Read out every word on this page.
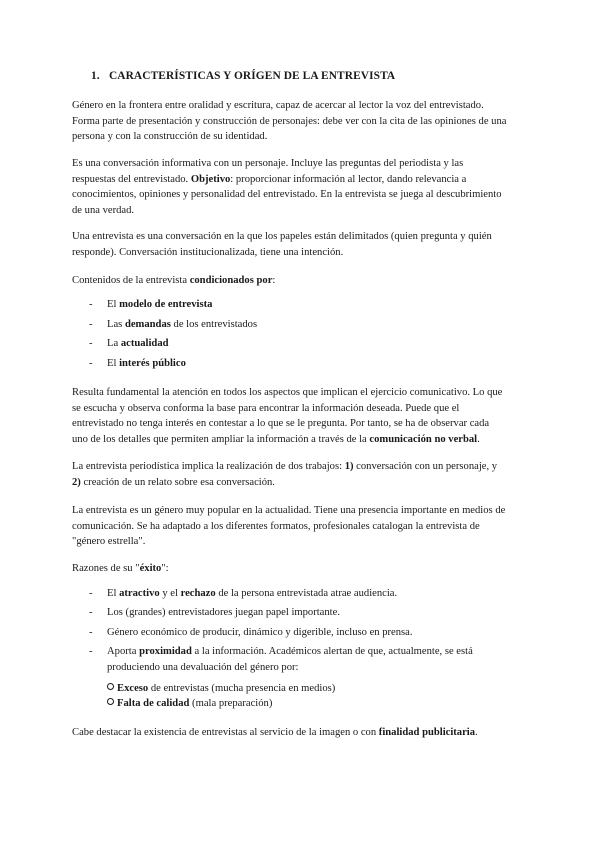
1. CARACTERÍSTICAS Y ORÍGEN DE LA ENTREVISTA

Género en la frontera entre oralidad y escritura, capaz de acercar al lector la voz del entrevistado.
Forma parte de presentación y construcción de personajes: debe ver con la cita de las opiniones de una
persona y con la construcción de su identidad.

Es una conversación informativa con un personaje. Incluye las preguntas del periodista y las
respuestas del entrevistado. Objetivo: proporcionar información al lector, dando relevancia a
conocimientos, opiniones y personalidad del entrevistado. En la entrevista se juega al descubrimiento
de una verdad.

Una entrevista es una conversación en la que los papeles están delimitados (quien pregunta y quién
responde). Conversación institucionalizada, tiene una intención.

Contenidos de la entrevista condicionados por:

- El modelo de entrevista

- Las demandas de los entrevistados

- La actualidad

- El interés público

Resulta fundamental la atención en todos los aspectos que implican el ejercicio comunicativo. Lo que
se escucha y observa conforma la base para encontrar la información deseada. Puede que el
entrevistado no tenga interés en contestar a lo que se le pregunta. Por tanto, se ha de observar cada
uno de los detalles que permiten ampliar la información a través de la comunicación no verbal.

La entrevista periodística implica la realización de dos trabajos: 1) conversación con un personaje, y
2) creación de un relato sobre esa conversación.

La entrevista es un género muy popular en la actualidad. Tiene una presencia importante en medios de
comunicación. Se ha adaptado a los diferentes formatos, profesionales catalogan la entrevista de
"género estrella".

Razones de su "éxito":

- El atractivo y el rechazo de la persona entrevistada atrae audiencia.

- Los (grandes) entrevistadores juegan papel importante.

- Género económico de producir, dinámico y digerible, incluso en prensa.

- Aporta proximidad a la información. Académicos alertan de que, actualmente, se está
produciendo una devaluación del género por:

Exceso de entrevistas (mucha presencia en medios)

Falta de calidad (mala preparación)

Cabe destacar la existencia de entrevistas al servicio de la imagen o con finalidad publicitaria.
